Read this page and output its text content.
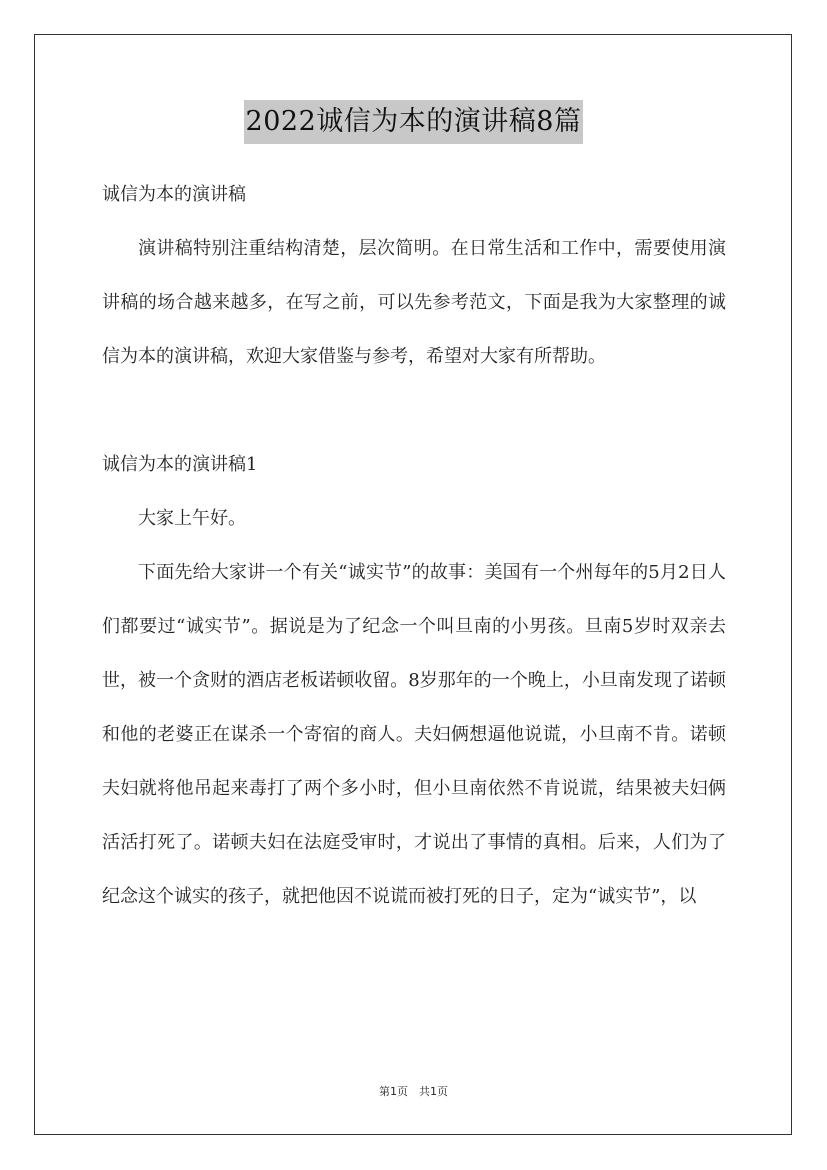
2022诚信为本的演讲稿8篇

诚信为本的演讲稿

演讲稿特别注重结构清楚，层次简明。在日常生活和工作中，需要使用演讲稿的场合越来越多，在写之前，可以先参考范文，下面是我为大家整理的诚信为本的演讲稿，欢迎大家借鉴与参考，希望对大家有所帮助。

诚信为本的演讲稿1

大家上午好。

下面先给大家讲一个有关“诚实节”的故事：美国有一个州每年的5月2日人们都要过“诚实节”。据说是为了纪念一个叫旦南的小男孩。旦南5岁时双亲去世，被一个贪财的酒店老板诺顿收留。8岁那年的一个晚上，小旦南发现了诺顿和他的老婆正在谋杀一个寄宿的商人。夫妇俩想逼他说谎，小旦南不肯。诺顿夫妇就将他吊起来毒打了两个多小时，但小旦南依然不肯说谎，结果被夫妇俩活活打死了。诺顿夫妇在法庭受审时，才说出了事情的真相。后来，人们为了纪念这个诚实的孩子，就把他因不说谎而被打死的日子，定为“诚实节”，以

第1页　共1页
